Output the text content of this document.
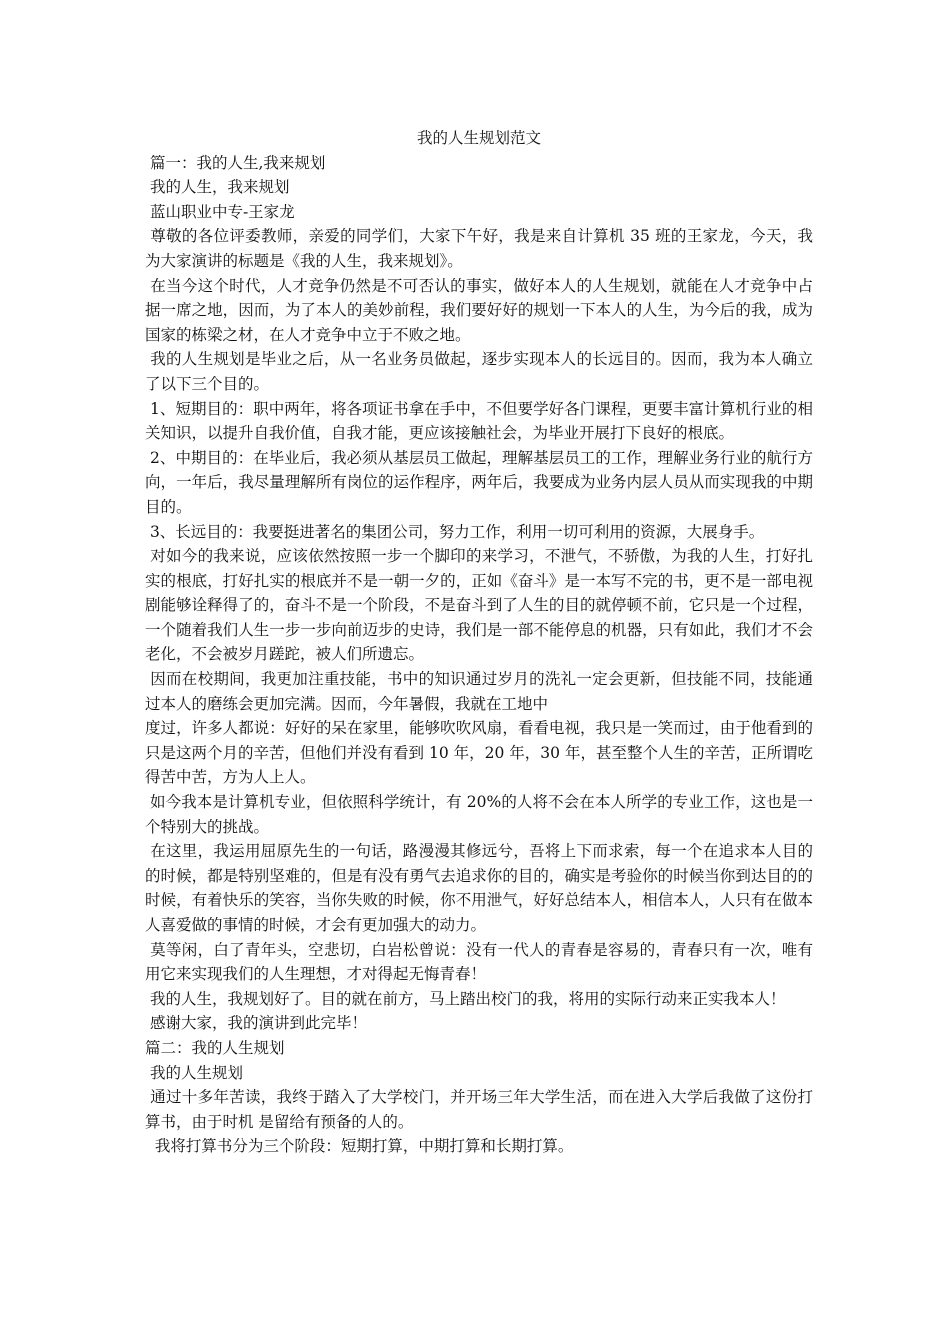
我的人生规划范文

篇一：我的人生,我来规划

我的人生，我来规划

蓝山职业中专-王家龙

尊敬的各位评委教师，亲爱的同学们，大家下午好，我是来自计算机 35 班的王家龙，今天，我为大家演讲的标题是《我的人生，我来规划》。

在当今这个时代，人才竞争仍然是不可否认的事实，做好本人的人生规划，就能在人才竞争中占据一席之地，因而，为了本人的美妙前程，我们要好好的规划一下本人的人生，为今后的我，成为国家的栋梁之材，在人才竞争中立于不败之地。

我的人生规划是毕业之后，从一名业务员做起，逐步实现本人的长远目的。因而，我为本人确立了以下三个目的。

1、短期目的：职中两年，将各项证书拿在手中，不但要学好各门课程，更要丰富计算机行业的相关知识，以提升自我价值，自我才能，更应该接触社会，为毕业开展打下良好的根底。

2、中期目的：在毕业后，我必须从基层员工做起，理解基层员工的工作，理解业务行业的航行方向，一年后，我尽量理解所有岗位的运作程序，两年后，我要成为业务内层人员从而实现我的中期目的。

3、长远目的：我要挺进著名的集团公司，努力工作，利用一切可利用的资源，大展身手。

对如今的我来说，应该依然按照一步一个脚印的来学习，不泄气，不骄傲，为我的人生，打好扎实的根底，打好扎实的根底并不是一朝一夕的，正如《奋斗》是一本写不完的书，更不是一部电视剧能够诠释得了的，奋斗不是一个阶段，不是奋斗到了人生的目的就停顿不前，它只是一个过程，一个随着我们人生一步一步向前迈步的史诗，我们是一部不能停息的机器，只有如此，我们才不会老化，不会被岁月蹉跎，被人们所遗忘。

因而在校期间，我更加注重技能，书中的知识通过岁月的洗礼一定会更新，但技能不同，技能通过本人的磨练会更加完满。因而，今年暑假，我就在工地中

度过，许多人都说：好好的呆在家里，能够吹吹风扇，看看电视，我只是一笑而过，由于他看到的只是这两个月的辛苦，但他们并没有看到 10 年，20 年，30 年，甚至整个人生的辛苦，正所谓吃得苦中苦，方为人上人。

如今我本是计算机专业，但依照科学统计，有 20%的人将不会在本人所学的专业工作，这也是一个特别大的挑战。

在这里，我运用屈原先生的一句话，路漫漫其修远兮，吾将上下而求索，每一个在追求本人目的的时候，都是特别坚难的，但是有没有勇气去追求你的目的，确实是考验你的时候当你到达目的的时候，有着快乐的笑容，当你失败的时候，你不用泄气，好好总结本人，相信本人，人只有在做本人喜爱做的事情的时候，才会有更加强大的动力。

莫等闲，白了青年头，空悲切，白岩松曾说：没有一代人的青春是容易的，青春只有一次，唯有用它来实现我们的人生理想，才对得起无悔青春！

我的人生，我规划好了。目的就在前方，马上踏出校门的我，将用的实际行动来正实我本人！

感谢大家，我的演讲到此完毕！

篇二：我的人生规划

我的人生规划

通过十多年苦读，我终于踏入了大学校门，并开场三年大学生活，而在进入大学后我做了这份打算书，由于时机 是留给有预备的人的。

我将打算书分为三个阶段：短期打算，中期打算和长期打算。
